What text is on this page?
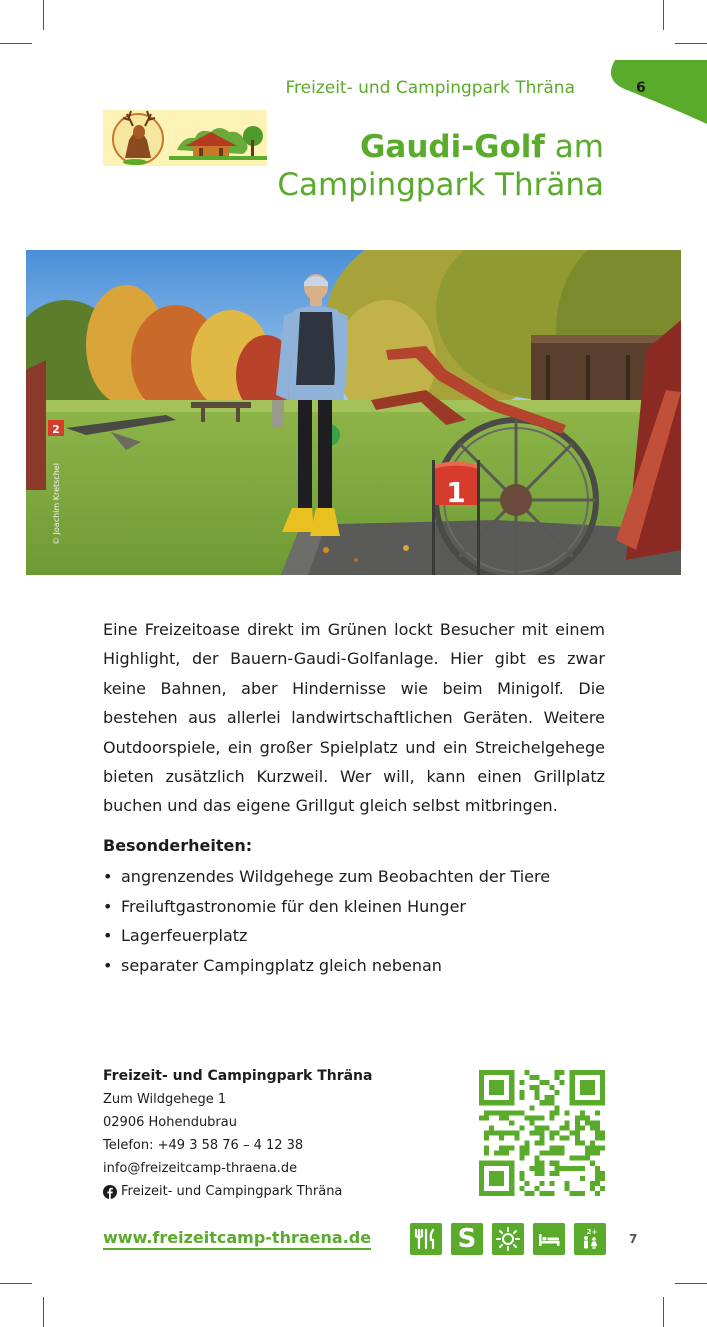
Freizeit- und Campingpark Thräna	6
Gaudi-Golf am
Campingpark Thräna
2
1
© Joachim Kretschel

Eine Freizeitoase direkt im Grünen lockt Besucher mit einem Highlight, der Bauern-Gaudi-Golfanlage. Hier gibt es zwar keine Bahnen, aber Hindernisse wie beim Minigolf. Die bestehen aus allerlei landwirtschaftlichen Geräten. Weitere Outdoorspiele, ein großer Spielplatz und ein Streichelgehege bieten zusätzlich Kurzweil. Wer will, kann einen Grillplatz buchen und das eigene Grillgut gleich selbst mitbringen.

Besonderheiten:
• angrenzendes Wildgehege zum Beobachten der Tiere
• Freiluftgastronomie für den kleinen Hunger
• Lagerfeuerplatz
• separater Campingplatz gleich nebenan
Freizeit- und Campingpark Thräna
Zum Wildgehege 1
02906 Hohendubrau
Telefon: +49 3 58 76 – 4 12 38
info@freizeitcamp-thraena.de
Freizeit- und Campingpark Thräna
www.freizeitcamp-thraena.de	S	2+	7
